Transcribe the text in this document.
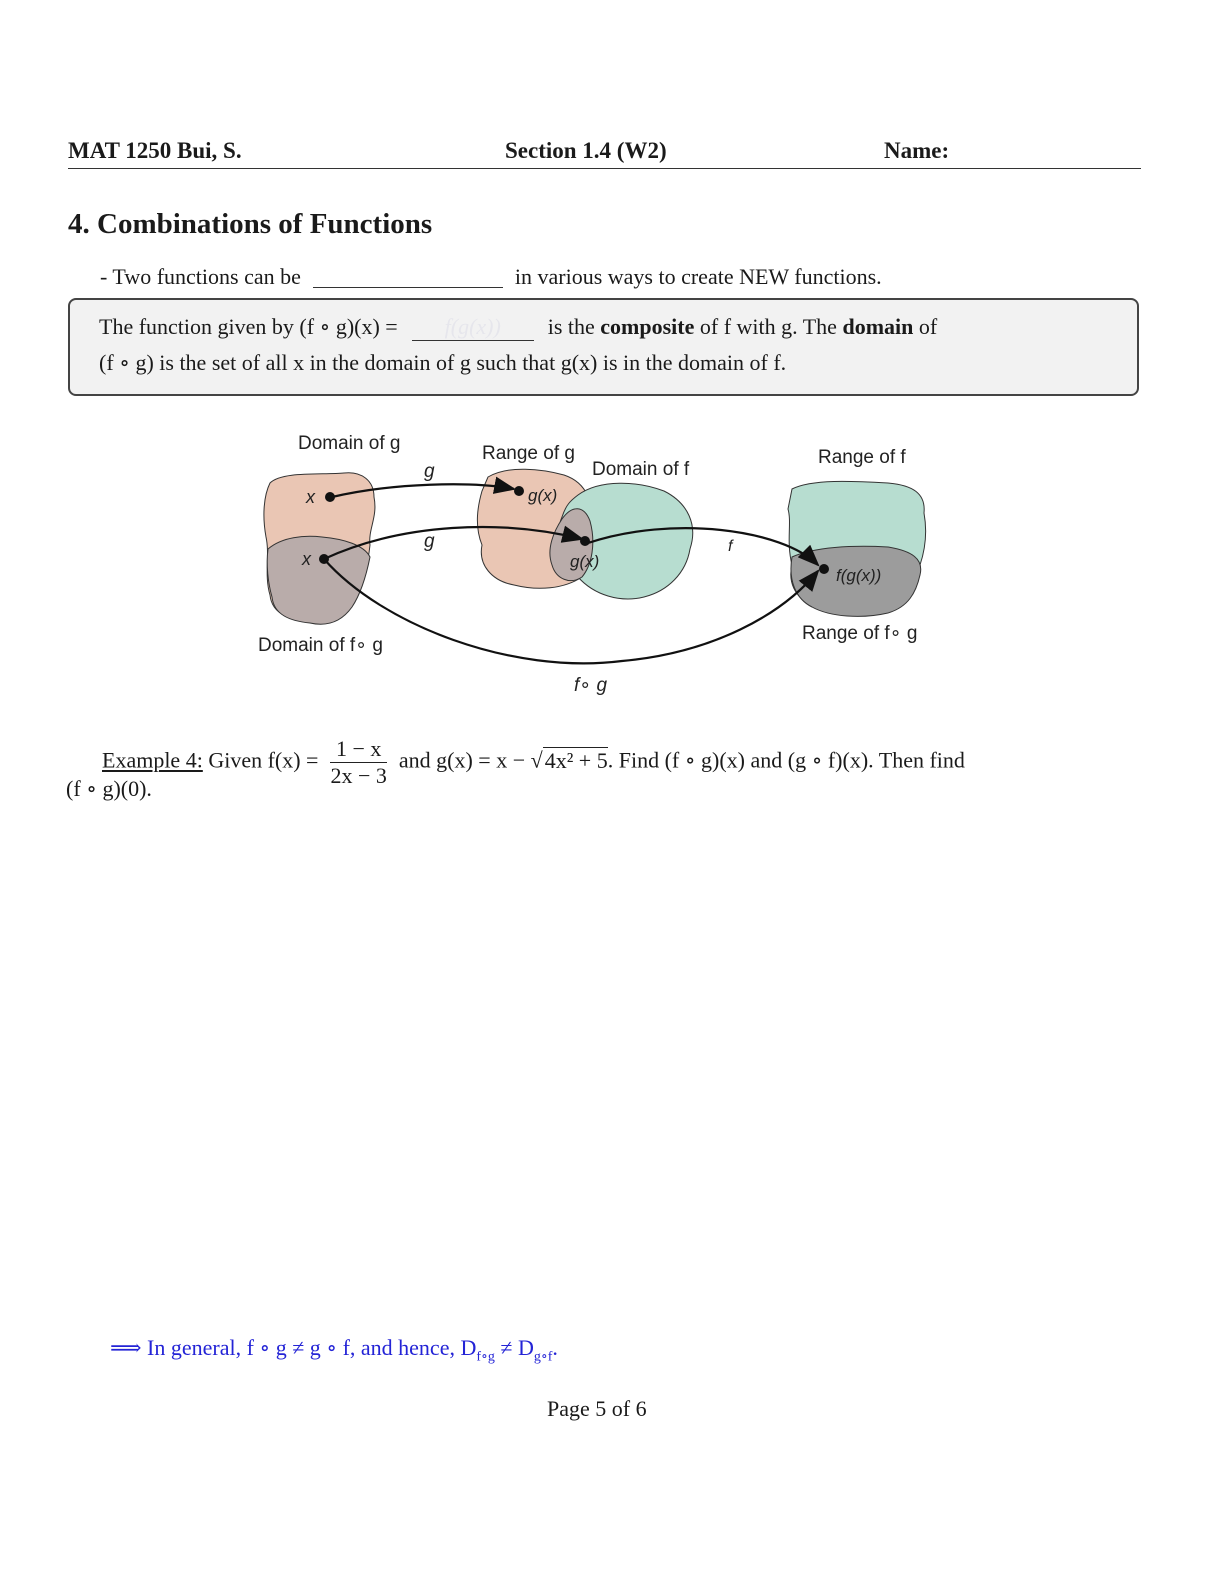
MAT 1250 Bui, S.	Section 1.4 (W2)	Name:
4. Combinations of Functions
- Two functions can be	in various ways to create NEW functions.
The function given by (f ∘ g)(x) = f(g(x)) is the composite of f with g. The domain of
(f ∘ g) is the set of all x in the domain of g such that g(x) is in the domain of f.
Domain of g	Range of g
Domain of f
Range of f
Domain of f∘ g
Range of f∘ g
g
g	f
f∘ g
x
x
g(x)
g(x)
f(g(x))
Example 4: Given $f(x) = \frac{1 - x}{2x - 3}$ and g(x) = x − √4x² + 5. Find (f ∘ g)(x) and (g ∘ f)(x). Then find
(f ∘ g)(0).
⟹ In general, f ∘ g ≠ g ∘ f, and hence, $D_{f\circ g} \ne D_{g\circ f}$.
Page 5 of 6
